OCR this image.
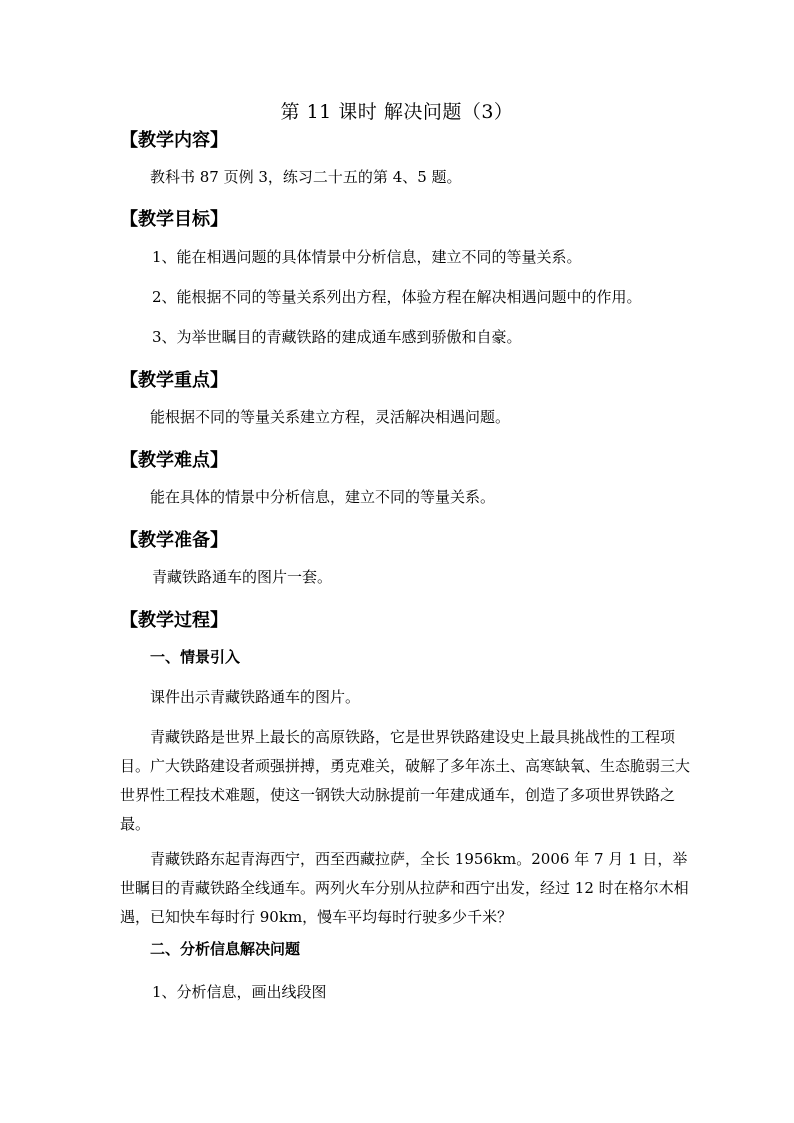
第 11 课时 解决问题（3）
【教学内容】
教科书 87 页例 3，练习二十五的第 4、5 题。
【教学目标】
1、能在相遇问题的具体情景中分析信息，建立不同的等量关系。
2、能根据不同的等量关系列出方程，体验方程在解决相遇问题中的作用。
3、为举世瞩目的青藏铁路的建成通车感到骄傲和自豪。
【教学重点】
能根据不同的等量关系建立方程，灵活解决相遇问题。
【教学难点】
能在具体的情景中分析信息，建立不同的等量关系。
【教学准备】
青藏铁路通车的图片一套。
【教学过程】
一、情景引入
课件出示青藏铁路通车的图片。
青藏铁路是世界上最长的高原铁路，它是世界铁路建设史上最具挑战性的工程项目。广大铁路建设者顽强拼搏，勇克难关，破解了多年冻土、高寒缺氧、生态脆弱三大世界性工程技术难题，使这一钢铁大动脉提前一年建成通车，创造了多项世界铁路之最。
青藏铁路东起青海西宁，西至西藏拉萨，全长 1956km。2006 年 7 月 1 日，举世瞩目的青藏铁路全线通车。两列火车分别从拉萨和西宁出发，经过 12 时在格尔木相遇，已知快车每时行 90km，慢车平均每时行驶多少千米？
二、分析信息解决问题
1、分析信息，画出线段图
